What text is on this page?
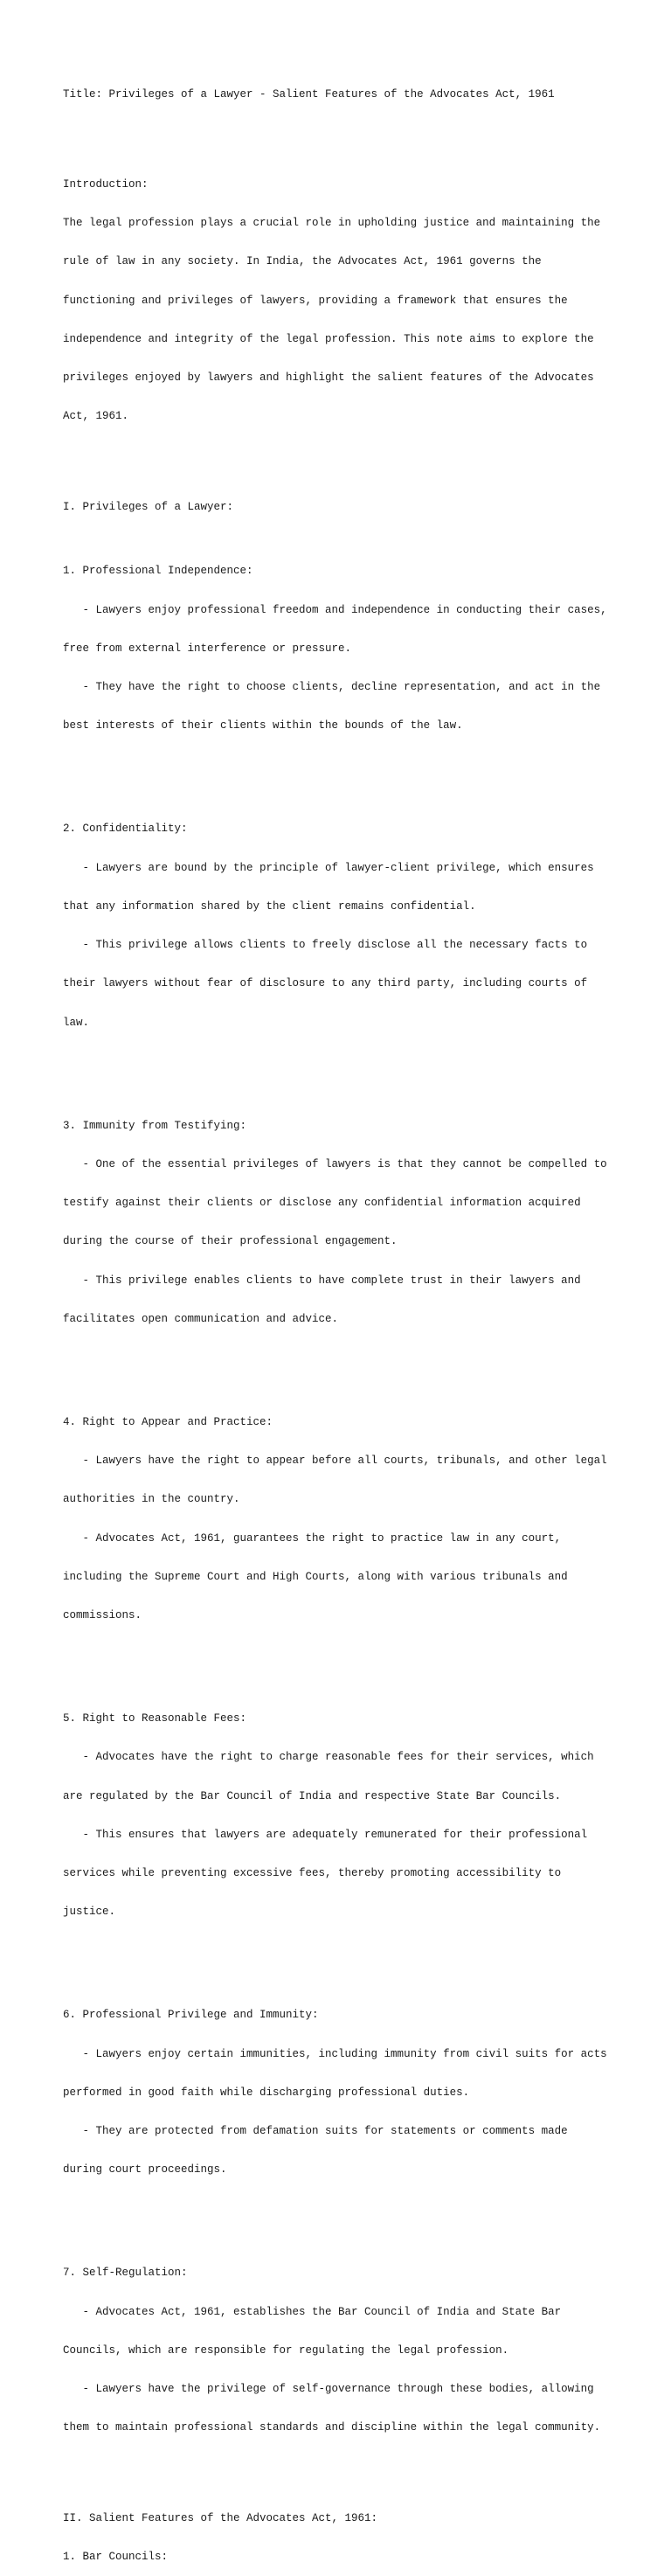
Title: Privileges of a Lawyer - Salient Features of the Advocates Act, 1961

Introduction:

The legal profession plays a crucial role in upholding justice and maintaining the

rule of law in any society. In India, the Advocates Act, 1961 governs the

functioning and privileges of lawyers, providing a framework that ensures the

independence and integrity of the legal profession. This note aims to explore the

privileges enjoyed by lawyers and highlight the salient features of the Advocates

Act, 1961.

I. Privileges of a Lawyer:

1. Professional Independence:

- Lawyers enjoy professional freedom and independence in conducting their cases,

free from external interference or pressure.

- They have the right to choose clients, decline representation, and act in the

best interests of their clients within the bounds of the law.

2. Confidentiality:

- Lawyers are bound by the principle of lawyer-client privilege, which ensures

that any information shared by the client remains confidential.

- This privilege allows clients to freely disclose all the necessary facts to

their lawyers without fear of disclosure to any third party, including courts of

law.

3. Immunity from Testifying:

- One of the essential privileges of lawyers is that they cannot be compelled to

testify against their clients or disclose any confidential information acquired

during the course of their professional engagement.

- This privilege enables clients to have complete trust in their lawyers and

facilitates open communication and advice.

4. Right to Appear and Practice:

- Lawyers have the right to appear before all courts, tribunals, and other legal

authorities in the country.

- Advocates Act, 1961, guarantees the right to practice law in any court,

including the Supreme Court and High Courts, along with various tribunals and

commissions.

5. Right to Reasonable Fees:

- Advocates have the right to charge reasonable fees for their services, which

are regulated by the Bar Council of India and respective State Bar Councils.

- This ensures that lawyers are adequately remunerated for their professional

services while preventing excessive fees, thereby promoting accessibility to

justice.

6. Professional Privilege and Immunity:

- Lawyers enjoy certain immunities, including immunity from civil suits for acts

performed in good faith while discharging professional duties.

- They are protected from defamation suits for statements or comments made

during court proceedings.

7. Self-Regulation:

- Advocates Act, 1961, establishes the Bar Council of India and State Bar

Councils, which are responsible for regulating the legal profession.

- Lawyers have the privilege of self-governance through these bodies, allowing

them to maintain professional standards and discipline within the legal community.

II. Salient Features of the Advocates Act, 1961:

1. Bar Councils:
